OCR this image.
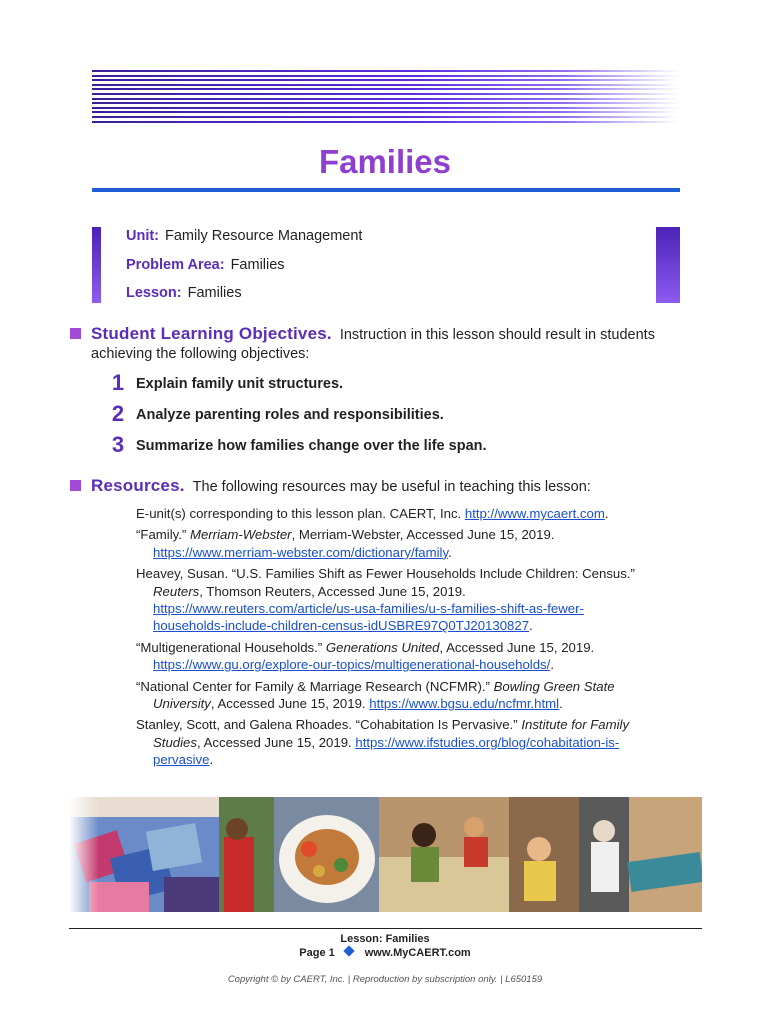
Families
Unit: Family Resource Management
Problem Area: Families
Lesson: Families
Student Learning Objectives. Instruction in this lesson should result in students
achieving the following objectives:
1 Explain family unit structures.
2 Analyze parenting roles and responsibilities.
3 Summarize how families change over the life span.
Resources. The following resources may be useful in teaching this lesson:
E-unit(s) corresponding to this lesson plan. CAERT, Inc. http://www.mycaert.com.
“Family.” Merriam-Webster, Merriam-Webster, Accessed June 15, 2019. https://www.merriam-webster.com/dictionary/family.
Heavey, Susan. “U.S. Families Shift as Fewer Households Include Children: Census.” Reuters, Thomson Reuters, Accessed June 15, 2019. https://www.reuters.com/article/us-usa-families/u-s-families-shift-as-fewer-households-include-children-census-idUSBRE97Q0TJ20130827.
“Multigenerational Households.” Generations United, Accessed June 15, 2019. https://www.gu.org/explore-our-topics/multigenerational-households/.
“National Center for Family & Marriage Research (NCFMR).” Bowling Green State University, Accessed June 15, 2019. https://www.bgsu.edu/ncfmr.html.
Stanley, Scott, and Galena Rhoades. “Cohabitation Is Pervasive.” Institute for Family Studies, Accessed June 15, 2019. https://www.ifstudies.org/blog/cohabitation-is-pervasive.
Lesson: Families
Page 1	www.MyCAERT.com
Copyright © by CAERT, Inc. | Reproduction by subscription only. | L650159
